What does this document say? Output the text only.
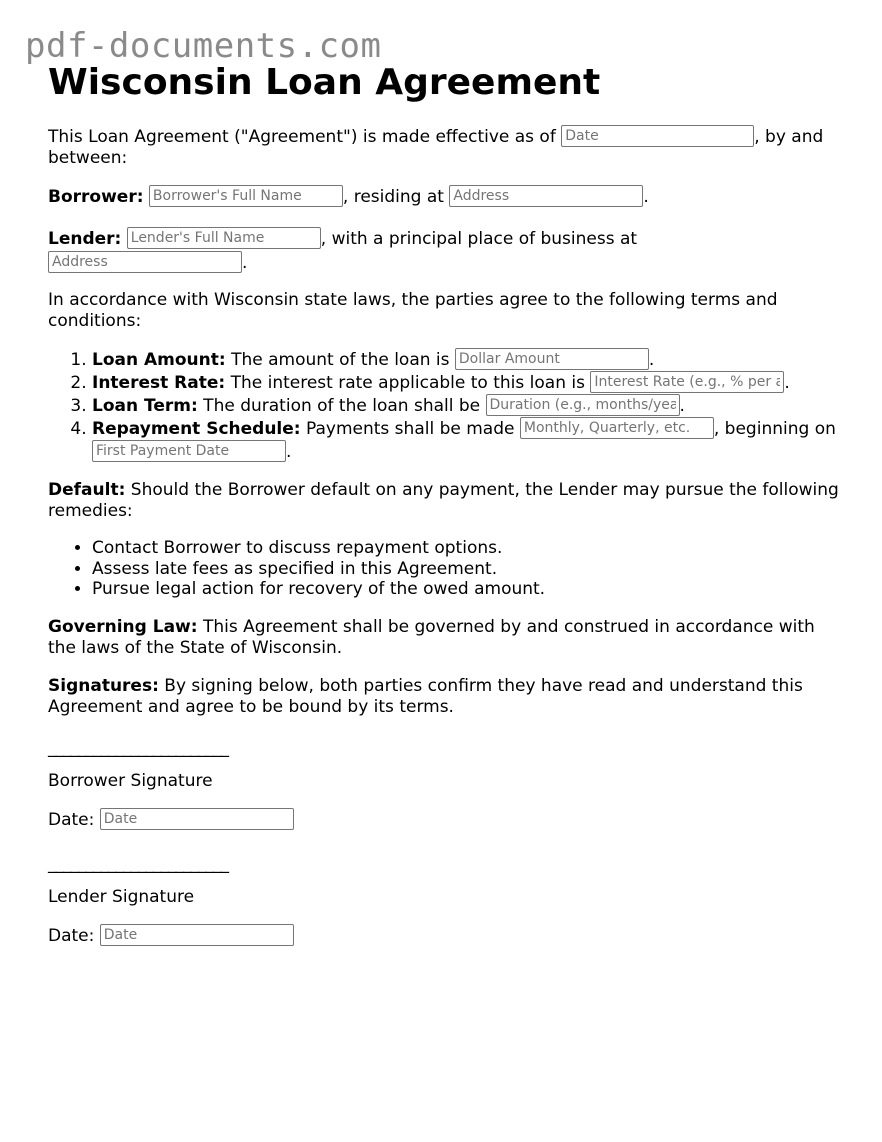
pdf-documents.com
Wisconsin Loan Agreement

This Loan Agreement ("Agreement") is made effective as of Date	, by and between:

Borrower: Borrower's Full Name	, residing at Address	.

Lender: Lender's Full Name	, with a principal place of business at
Address.

In accordance with Wisconsin state laws, the parties agree to the following terms and conditions:

1. Loan Amount: The amount of the loan is Dollar Amount	.
2. Interest Rate: The interest rate applicable to this loan is Interest Rate (e.g., % per annum)	.
3. Loan Term: The duration of the loan shall be Duration (e.g., months/years)	.
4. Repayment Schedule: Payments shall be made Monthly, Quarterly, etc.	, beginning on First Payment Date.

Default: Should the Borrower default on any payment, the Lender may pursue the following remedies:

• Contact Borrower to discuss repayment options.
• Assess late fees as specified in this Agreement.
• Pursue legal action for recovery of the owed amount.

Governing Law: This Agreement shall be governed by and construed in accordance with the laws of the State of Wisconsin.

Signatures: By signing below, both parties confirm they have read and understand this Agreement and agree to be bound by its terms.

________________________
Borrower Signature
Date: Date
________________________
Lender Signature
Date: Date
